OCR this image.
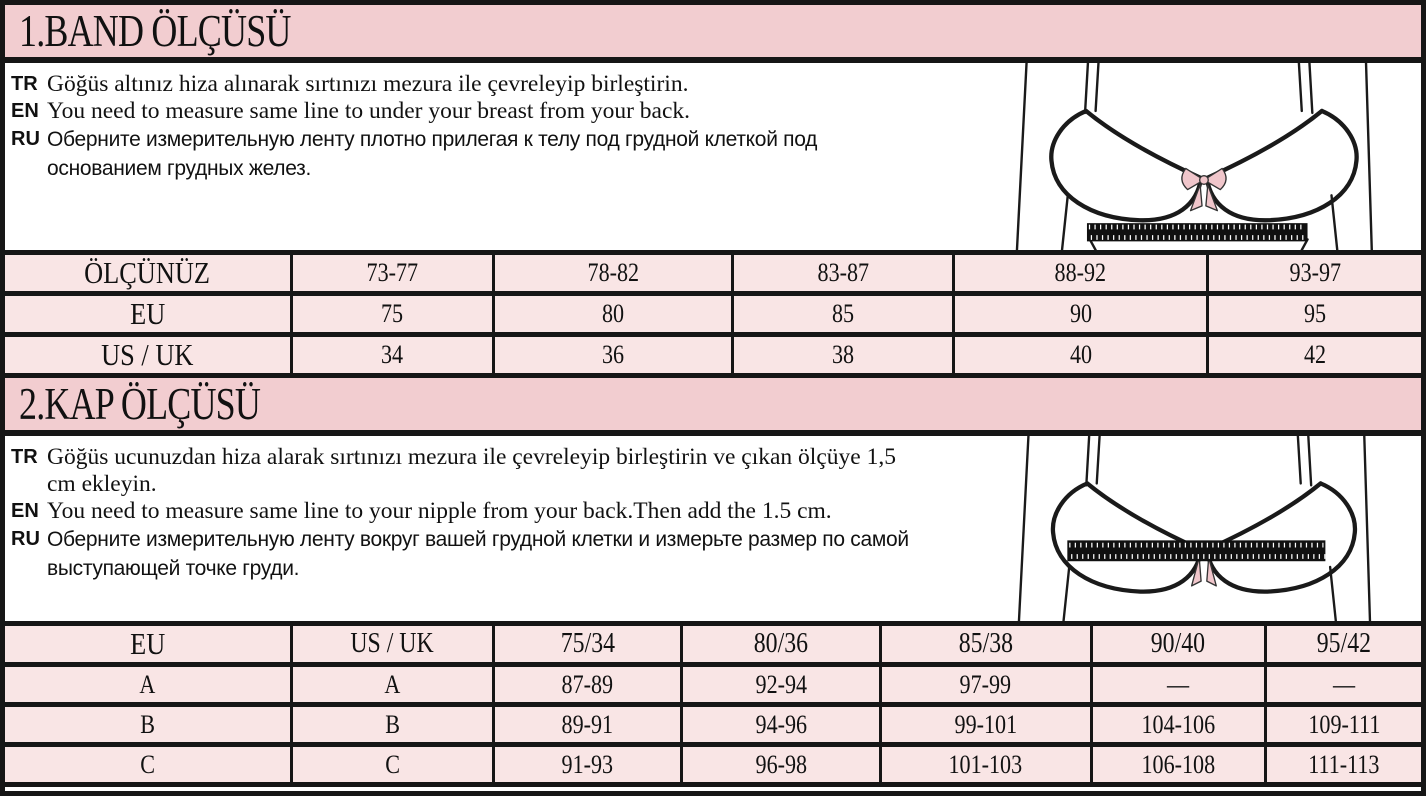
1.BAND ÖLÇÜSÜ
TR Göğüs altınız hiza alınarak sırtınızı mezura ile çevreleyip birleştirin.
EN You need to measure same line to under your breast from your back.
RU Оберните измерительную ленту плотно прилегая к телу под грудной клеткой под основанием грудных желез.
ÖLÇÜNÜZ	73-77	78-82	83-87	88-92	93-97
EU	75	80	85	90	95
US / UK	34	36	38	40	42
2.KAP ÖLÇÜSÜ
TR Göğüs ucunuzdan hiza alarak sırtınızı mezura ile çevreleyip birleştirin ve çıkan ölçüye 1,5 cm ekleyin.
EN You need to measure same line to your nipple from your back.Then add the 1.5 cm.
RU Оберните измерительную ленту вокруг вашей грудной клетки и измерьте размер по самой выступающей точке груди.
EU	US / UK	75/34	80/36	85/38	90/40	95/42
A	A	87-89	92-94	97-99	—	—
B	B	89-91	94-96	99-101	104-106	109-111
C	C	91-93	96-98	101-103	106-108	111-113
